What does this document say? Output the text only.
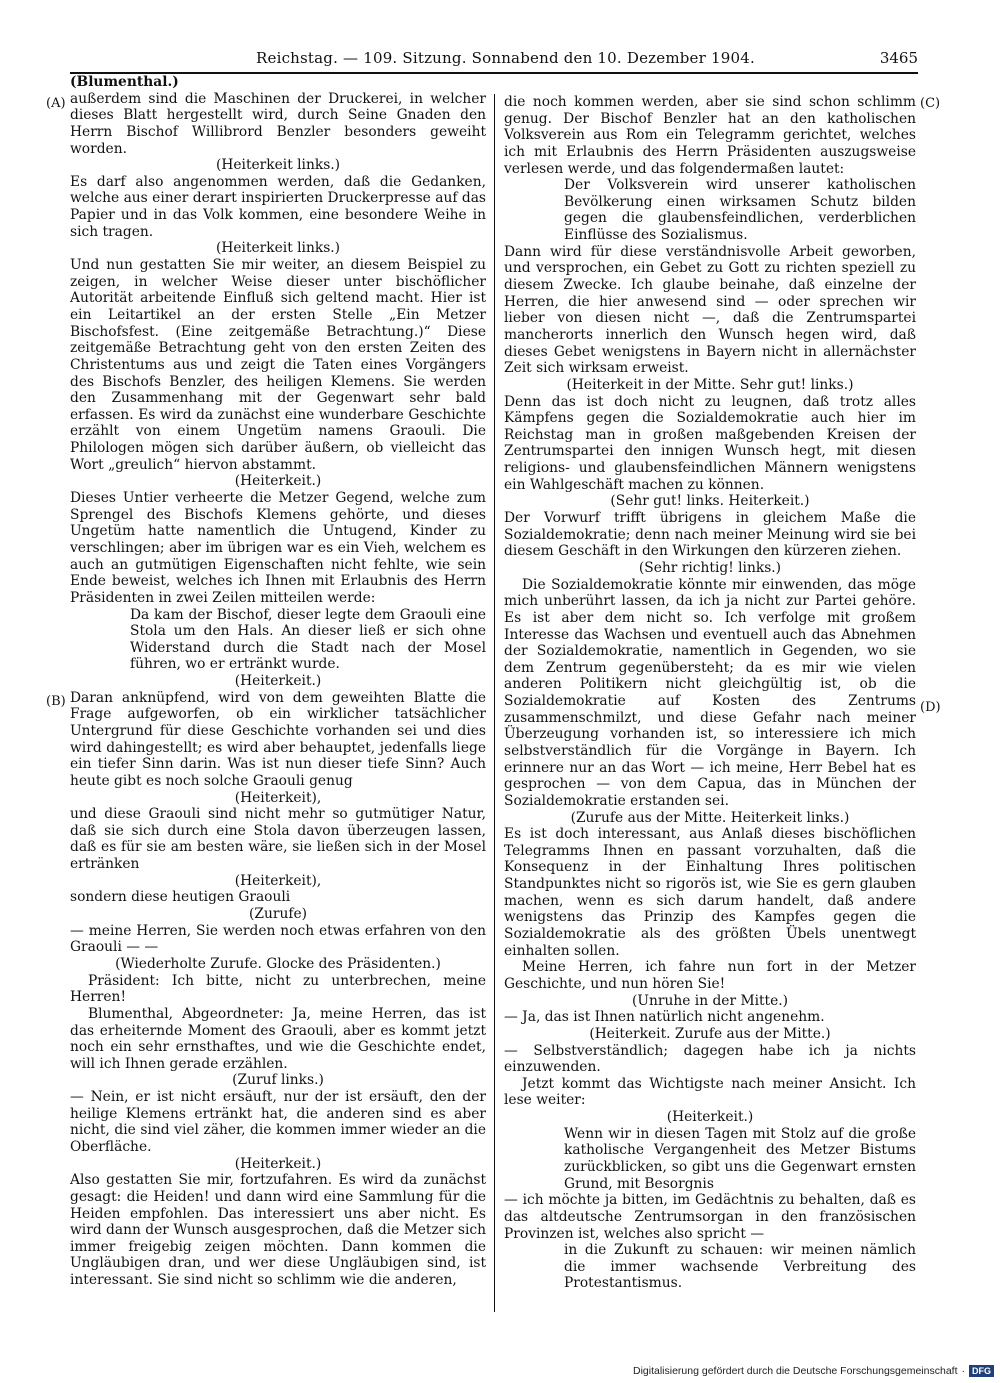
Reichstag. — 109. Sitzung. Sonnabend den 10. Dezember 1904.	3465
(A)
(B)
(C)
(D)

(Blumenthal.)

außerdem sind die Maschinen der Druckerei, in welcher dieses Blatt hergestellt wird, durch Seine Gnaden den Herrn Bischof Willibrord Benzler besonders geweiht worden.

(Heiterkeit links.)

Es darf also angenommen werden, daß die Gedanken, welche aus einer derart inspirierten Druckerpresse auf das Papier und in das Volk kommen, eine besondere Weihe in sich tragen.

(Heiterkeit links.)

Und nun gestatten Sie mir weiter, an diesem Beispiel zu zeigen, in welcher Weise dieser unter bischöflicher Autorität arbeitende Einfluß sich geltend macht. Hier ist ein Leitartikel an der ersten Stelle „Ein Metzer Bischofsfest. (Eine zeitgemäße Betrachtung.)“ Diese zeitgemäße Betrachtung geht von den ersten Zeiten des Christentums aus und zeigt die Taten eines Vorgängers des Bischofs Benzler, des heiligen Klemens. Sie werden den Zusammenhang mit der Gegenwart sehr bald erfassen. Es wird da zunächst eine wunderbare Geschichte erzählt von einem Ungetüm namens Graouli. Die Philologen mögen sich darüber äußern, ob vielleicht das Wort „greulich“ hiervon abstammt.

(Heiterkeit.)

Dieses Untier verheerte die Metzer Gegend, welche zum Sprengel des Bischofs Klemens gehörte, und dieses Ungetüm hatte namentlich die Untugend, Kinder zu verschlingen; aber im übrigen war es ein Vieh, welchem es auch an gutmütigen Eigenschaften nicht fehlte, wie sein Ende beweist, welches ich Ihnen mit Erlaubnis des Herrn Präsidenten in zwei Zeilen mitteilen werde:

Da kam der Bischof, dieser legte dem Graouli eine Stola um den Hals. An dieser ließ er sich ohne Widerstand durch die Stadt nach der Mosel führen, wo er ertränkt wurde.

(Heiterkeit.)

Daran anknüpfend, wird von dem geweihten Blatte die Frage aufgeworfen, ob ein wirklicher tatsächlicher Untergrund für diese Geschichte vorhanden sei und dies wird dahingestellt; es wird aber behauptet, jedenfalls liege ein tiefer Sinn darin. Was ist nun dieser tiefe Sinn? Auch heute gibt es noch solche Graouli genug

(Heiterkeit),

und diese Graouli sind nicht mehr so gutmütiger Natur, daß sie sich durch eine Stola davon überzeugen lassen, daß es für sie am besten wäre, sie ließen sich in der Mosel ertränken

(Heiterkeit),

sondern diese heutigen Graouli

(Zurufe)

— meine Herren, Sie werden noch etwas erfahren von den Graouli — —

(Wiederholte Zurufe. Glocke des Präsidenten.)

Präsident: Ich bitte, nicht zu unterbrechen, meine Herren!

Blumenthal, Abgeordneter: Ja, meine Herren, das ist das erheiternde Moment des Graouli, aber es kommt jetzt noch ein sehr ernsthaftes, und wie die Geschichte endet, will ich Ihnen gerade erzählen.

(Zuruf links.)

— Nein, er ist nicht ersäuft, nur der ist ersäuft, den der heilige Klemens ertränkt hat, die anderen sind es aber nicht, die sind viel zäher, die kommen immer wieder an die Oberfläche.

(Heiterkeit.)

Also gestatten Sie mir, fortzufahren. Es wird da zunächst gesagt: die Heiden! und dann wird eine Sammlung für die Heiden empfohlen. Das interessiert uns aber nicht. Es wird dann der Wunsch ausgesprochen, daß die Metzer sich immer freigebig zeigen möchten. Dann kommen die Ungläubigen dran, und wer diese Ungläubigen sind, ist interessant. Sie sind nicht so schlimm wie die anderen,

die noch kommen werden, aber sie sind schon schlimm genug. Der Bischof Benzler hat an den katholischen Volksverein aus Rom ein Telegramm gerichtet, welches ich mit Erlaubnis des Herrn Präsidenten auszugsweise verlesen werde, und das folgendermaßen lautet:

Der Volksverein wird unserer katholischen Bevölkerung einen wirksamen Schutz bilden gegen die glaubensfeindlichen, verderblichen Einflüsse des Sozialismus.

Dann wird für diese verständnisvolle Arbeit geworben, und versprochen, ein Gebet zu Gott zu richten speziell zu diesem Zwecke. Ich glaube beinahe, daß einzelne der Herren, die hier anwesend sind — oder sprechen wir lieber von diesen nicht —, daß die Zentrumspartei mancherorts innerlich den Wunsch hegen wird, daß dieses Gebet wenigstens in Bayern nicht in allernächster Zeit sich wirksam erweist.

(Heiterkeit in der Mitte. Sehr gut! links.)

Denn das ist doch nicht zu leugnen, daß trotz alles Kämpfens gegen die Sozialdemokratie auch hier im Reichstag man in großen maßgebenden Kreisen der Zentrumspartei den innigen Wunsch hegt, mit diesen religions- und glaubensfeindlichen Männern wenigstens ein Wahlgeschäft machen zu können.

(Sehr gut! links. Heiterkeit.)

Der Vorwurf trifft übrigens in gleichem Maße die Sozialdemokratie; denn nach meiner Meinung wird sie bei diesem Geschäft in den Wirkungen den kürzeren ziehen.

(Sehr richtig! links.)

Die Sozialdemokratie könnte mir einwenden, das möge mich unberührt lassen, da ich ja nicht zur Partei gehöre. Es ist aber dem nicht so. Ich verfolge mit großem Interesse das Wachsen und eventuell auch das Abnehmen der Sozialdemokratie, namentlich in Gegenden, wo sie dem Zentrum gegenübersteht; da es mir wie vielen anderen Politikern nicht gleichgültig ist, ob die Sozialdemokratie auf Kosten des Zentrums zusammenschmilzt, und diese Gefahr nach meiner Überzeugung vorhanden ist, so interessiere ich mich selbstverständlich für die Vorgänge in Bayern. Ich erinnere nur an das Wort — ich meine, Herr Bebel hat es gesprochen — von dem Capua, das in München der Sozialdemokratie erstanden sei.

(Zurufe aus der Mitte. Heiterkeit links.)

Es ist doch interessant, aus Anlaß dieses bischöflichen Telegramms Ihnen en passant vorzuhalten, daß die Konsequenz in der Einhaltung Ihres politischen Standpunktes nicht so rigorös ist, wie Sie es gern glauben machen, wenn es sich darum handelt, daß andere wenigstens das Prinzip des Kampfes gegen die Sozialdemokratie als des größten Übels unentwegt einhalten sollen.

Meine Herren, ich fahre nun fort in der Metzer Geschichte, und nun hören Sie!

(Unruhe in der Mitte.)

— Ja, das ist Ihnen natürlich nicht angenehm.

(Heiterkeit. Zurufe aus der Mitte.)

— Selbstverständlich; dagegen habe ich ja nichts einzuwenden.

Jetzt kommt das Wichtigste nach meiner Ansicht. Ich lese weiter:

(Heiterkeit.)

Wenn wir in diesen Tagen mit Stolz auf die große katholische Vergangenheit des Metzer Bistums zurückblicken, so gibt uns die Gegenwart ernsten Grund, mit Besorgnis

— ich möchte ja bitten, im Gedächtnis zu behalten, daß es das altdeutsche Zentrumsorgan in den französischen Provinzen ist, welches also spricht —

in die Zukunft zu schauen: wir meinen nämlich die immer wachsende Verbreitung des Protestantismus.

Digitalisierung gefördert durch die Deutsche Forschungsgemeinschaft · DFG
